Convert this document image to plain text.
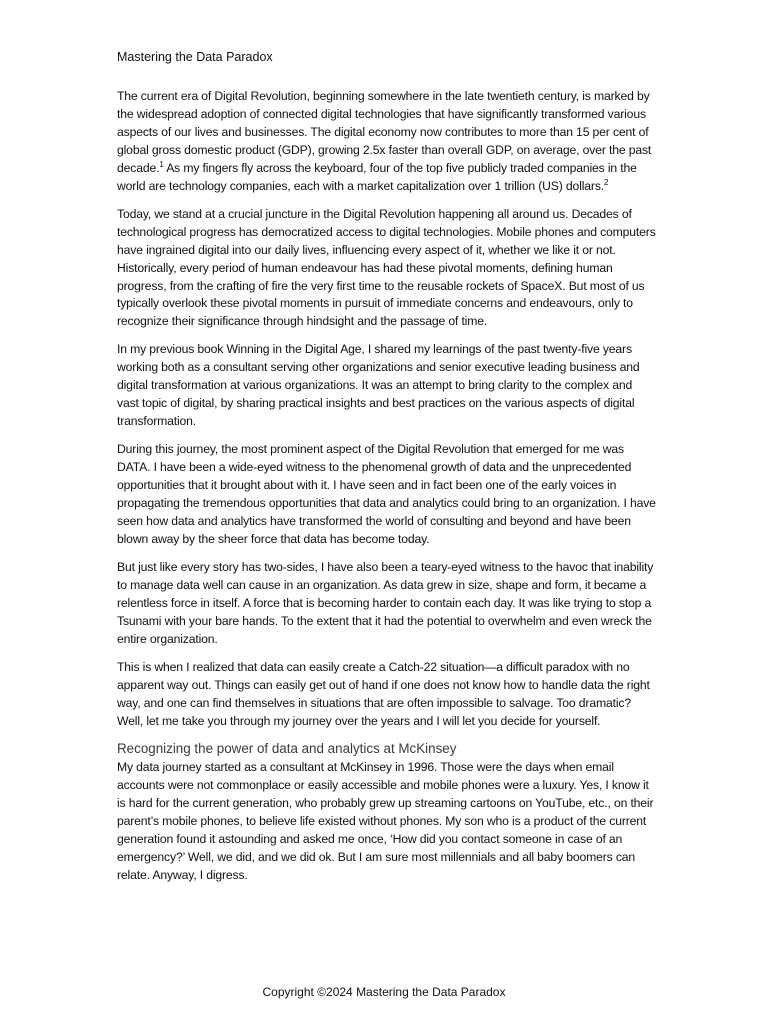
Mastering the Data Paradox

The current era of Digital Revolution, beginning somewhere in the late twentieth century, is marked by the widespread adoption of connected digital technologies that have significantly transformed various aspects of our lives and businesses. The digital economy now contributes to more than 15 per cent of global gross domestic product (GDP), growing 2.5x faster than overall GDP, on average, over the past decade.$^1$ As my fingers fly across the keyboard, four of the top five publicly traded companies in the world are technology companies, each with a market capitalization over 1 trillion (US) dollars.$^2$

Today, we stand at a crucial juncture in the Digital Revolution happening all around us. Decades of technological progress has democratized access to digital technologies. Mobile phones and computers have ingrained digital into our daily lives, influencing every aspect of it, whether we like it or not. Historically, every period of human endeavour has had these pivotal moments, defining human progress, from the crafting of fire the very first time to the reusable rockets of SpaceX. But most of us typically overlook these pivotal moments in pursuit of immediate concerns and endeavours, only to recognize their significance through hindsight and the passage of time.

In my previous book Winning in the Digital Age, I shared my learnings of the past twenty-five years working both as a consultant serving other organizations and senior executive leading business and digital transformation at various organizations. It was an attempt to bring clarity to the complex and vast topic of digital, by sharing practical insights and best practices on the various aspects of digital transformation.

During this journey, the most prominent aspect of the Digital Revolution that emerged for me was DATA. I have been a wide-eyed witness to the phenomenal growth of data and the unprecedented opportunities that it brought about with it. I have seen and in fact been one of the early voices in propagating the tremendous opportunities that data and analytics could bring to an organization. I have seen how data and analytics have transformed the world of consulting and beyond and have been blown away by the sheer force that data has become today.

But just like every story has two-sides, I have also been a teary-eyed witness to the havoc that inability to manage data well can cause in an organization. As data grew in size, shape and form, it became a relentless force in itself. A force that is becoming harder to contain each day. It was like trying to stop a Tsunami with your bare hands. To the extent that it had the potential to overwhelm and even wreck the entire organization.

This is when I realized that data can easily create a Catch-22 situation—a difficult paradox with no apparent way out. Things can easily get out of hand if one does not know how to handle data the right way, and one can find themselves in situations that are often impossible to salvage. Too dramatic? Well, let me take you through my journey over the years and I will let you decide for yourself.

Recognizing the power of data and analytics at McKinsey

My data journey started as a consultant at McKinsey in 1996. Those were the days when email accounts were not commonplace or easily accessible and mobile phones were a luxury. Yes, I know it is hard for the current generation, who probably grew up streaming cartoons on YouTube, etc., on their parent’s mobile phones, to believe life existed without phones. My son who is a product of the current generation found it astounding and asked me once, ‘How did you contact someone in case of an emergency?’ Well, we did, and we did ok. But I am sure most millennials and all baby boomers can relate. Anyway, I digress.

Copyright ©2024 Mastering the Data Paradox
